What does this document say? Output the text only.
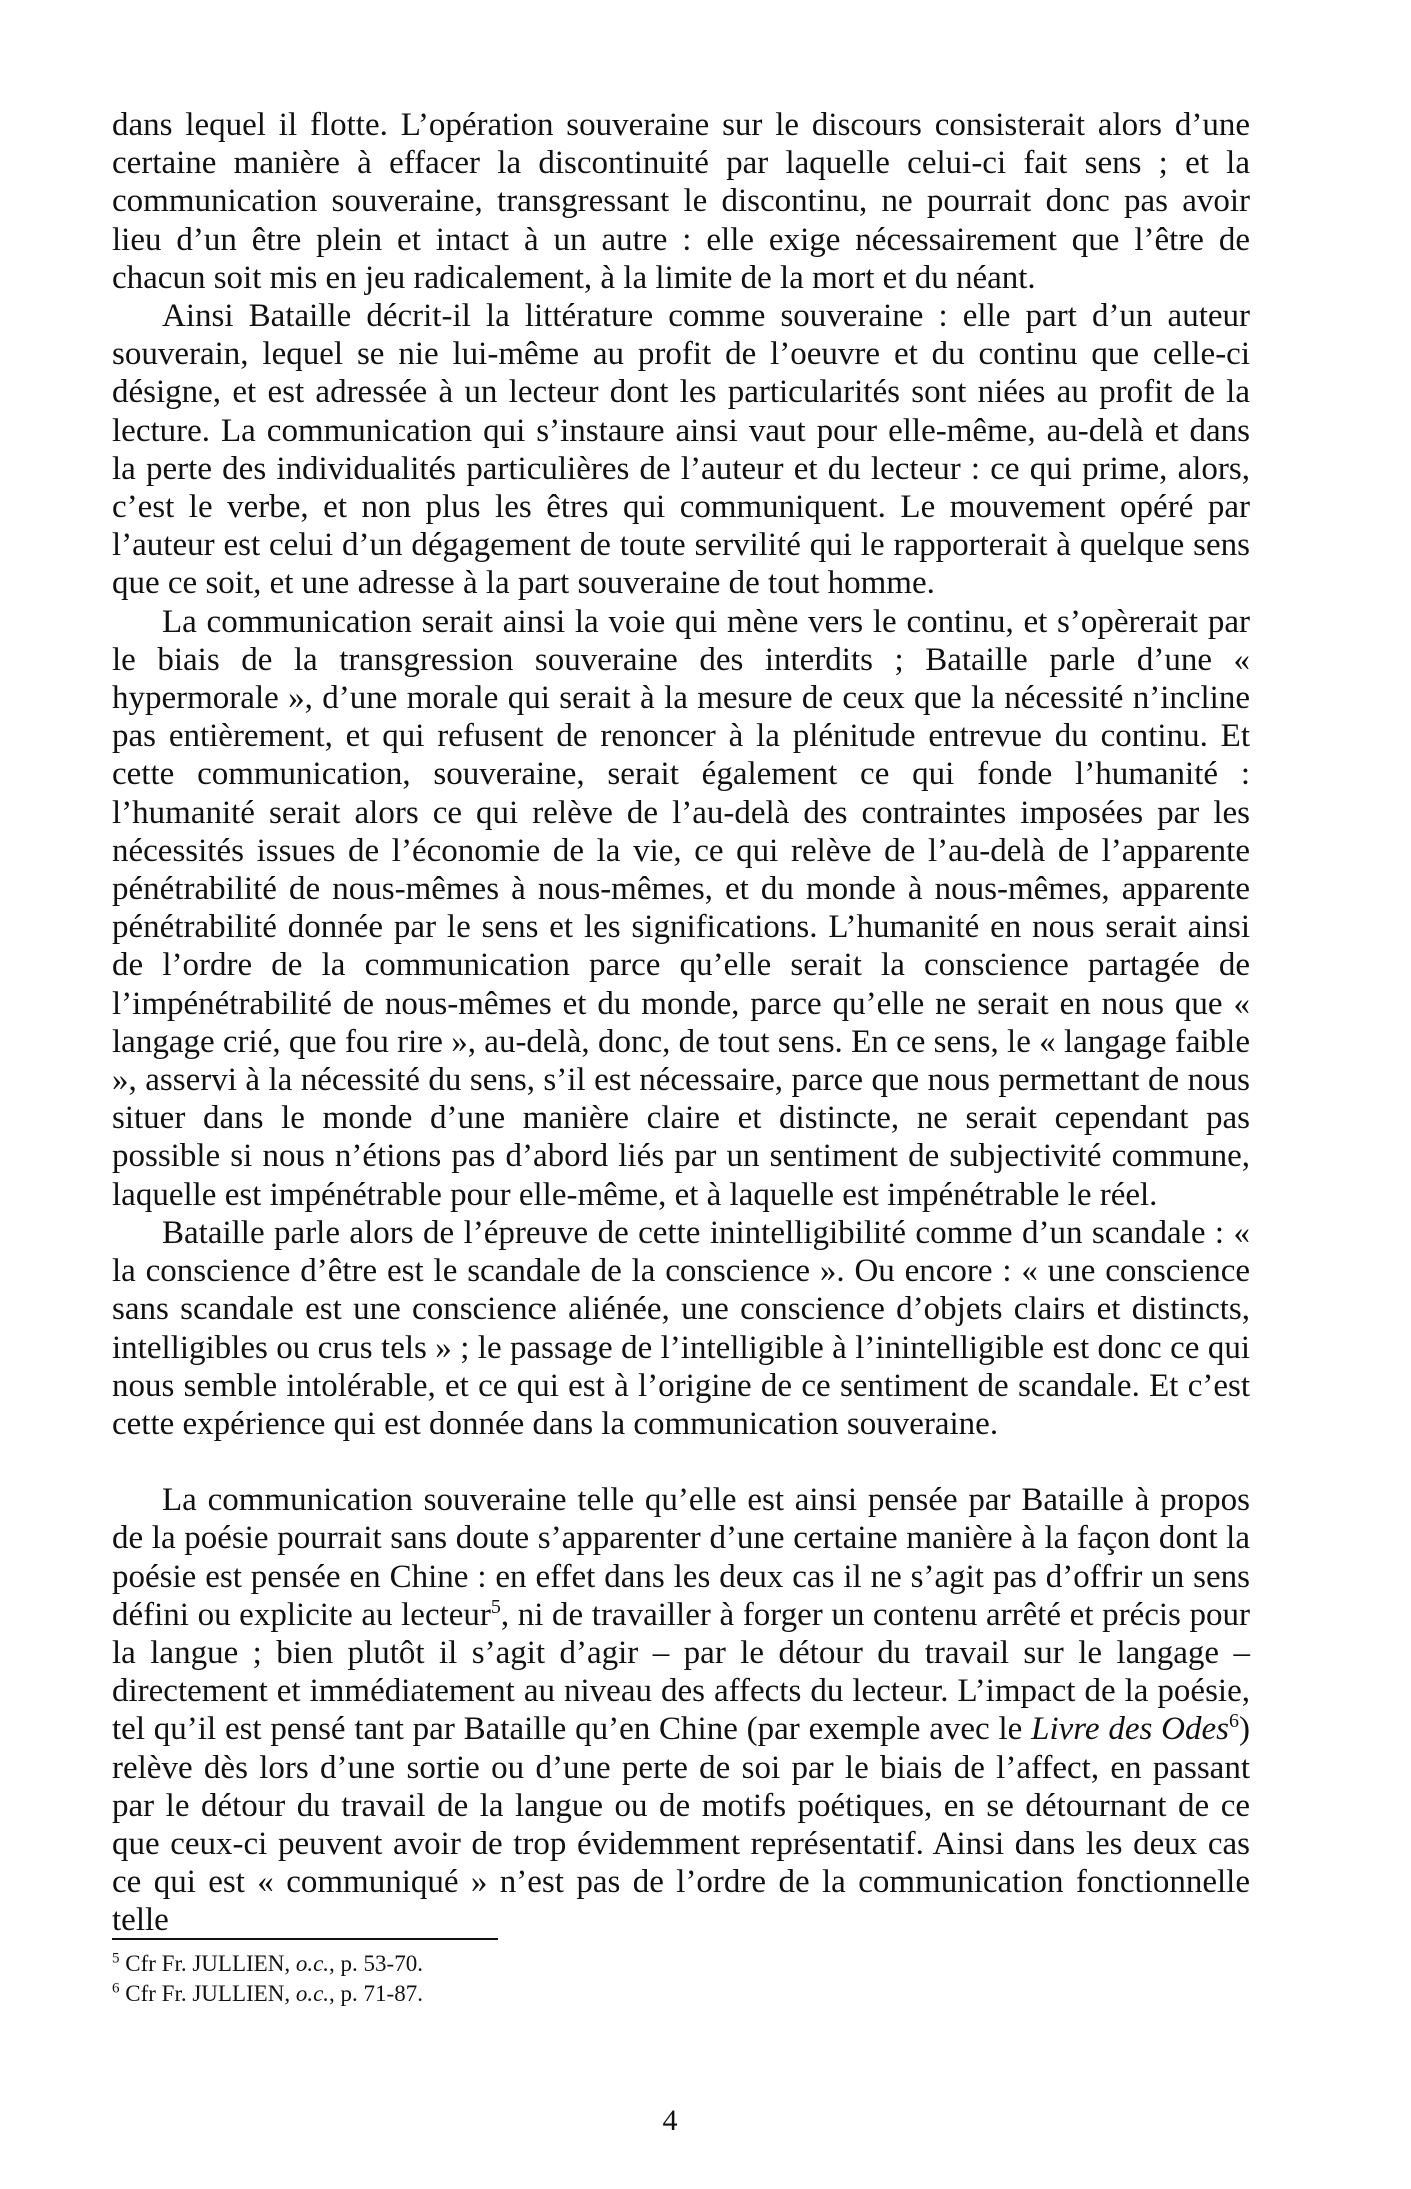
dans lequel il flotte. L’opération souveraine sur le discours consisterait alors d’une certaine manière à effacer la discontinuité par laquelle celui-ci fait sens ; et la communication souveraine, transgressant le discontinu, ne pourrait donc pas avoir lieu d’un être plein et intact à un autre : elle exige nécessairement que l’être de chacun soit mis en jeu radicalement, à la limite de la mort et du néant.

Ainsi Bataille décrit-il la littérature comme souveraine : elle part d’un auteur souverain, lequel se nie lui-même au profit de l’oeuvre et du continu que celle-ci désigne, et est adressée à un lecteur dont les particularités sont niées au profit de la lecture. La communication qui s’instaure ainsi vaut pour elle-même, au-delà et dans la perte des individualités particulières de l’auteur et du lecteur : ce qui prime, alors, c’est le verbe, et non plus les êtres qui communiquent. Le mouvement opéré par l’auteur est celui d’un dégagement de toute servilité qui le rapporterait à quelque sens que ce soit, et une adresse à la part souveraine de tout homme.

La communication serait ainsi la voie qui mène vers le continu, et s’opèrerait par le biais de la transgression souveraine des interdits ; Bataille parle d’une « hypermorale », d’une morale qui serait à la mesure de ceux que la nécessité n’incline pas entièrement, et qui refusent de renoncer à la plénitude entrevue du continu. Et cette communication, souveraine, serait également ce qui fonde l’humanité : l’humanité serait alors ce qui relève de l’au-delà des contraintes imposées par les nécessités issues de l’économie de la vie, ce qui relève de l’au-delà de l’apparente pénétrabilité de nous-mêmes à nous-mêmes, et du monde à nous-mêmes, apparente pénétrabilité donnée par le sens et les significations. L’humanité en nous serait ainsi de l’ordre de la communication parce qu’elle serait la conscience partagée de l’impénétrabilité de nous-mêmes et du monde, parce qu’elle ne serait en nous que « langage crié, que fou rire », au-delà, donc, de tout sens. En ce sens, le « langage faible », asservi à la nécessité du sens, s’il est nécessaire, parce que nous permettant de nous situer dans le monde d’une manière claire et distincte, ne serait cependant pas possible si nous n’étions pas d’abord liés par un sentiment de subjectivité commune, laquelle est impénétrable pour elle-même, et à laquelle est impénétrable le réel.

Bataille parle alors de l’épreuve de cette inintelligibilité comme d’un scandale : « la conscience d’être est le scandale de la conscience ». Ou encore : « une conscience sans scandale est une conscience aliénée, une conscience d’objets clairs et distincts, intelligibles ou crus tels » ; le passage de l’intelligible à l’inintelligible est donc ce qui nous semble intolérable, et ce qui est à l’origine de ce sentiment de scandale. Et c’est cette expérience qui est donnée dans la communication souveraine.

La communication souveraine telle qu’elle est ainsi pensée par Bataille à propos de la poésie pourrait sans doute s’apparenter d’une certaine manière à la façon dont la poésie est pensée en Chine : en effet dans les deux cas il ne s’agit pas d’offrir un sens défini ou explicite au lecteur$^5$, ni de travailler à forger un contenu arrêté et précis pour la langue ; bien plutôt il s’agit d’agir – par le détour du travail sur le langage – directement et immédiatement au niveau des affects du lecteur. L’impact de la poésie, tel qu’il est pensé tant par Bataille qu’en Chine (par exemple avec le Livre des Odes$^6$) relève dès lors d’une sortie ou d’une perte de soi par le biais de l’affect, en passant par le détour du travail de la langue ou de motifs poétiques, en se détournant de ce que ceux-ci peuvent avoir de trop évidemment représentatif. Ainsi dans les deux cas ce qui est « communiqué » n’est pas de l’ordre de la communication fonctionnelle telle

$^5$ Cfr Fr. JULLIEN, o.c., p. 53-70.
$^6$ Cfr Fr. JULLIEN, o.c., p. 71-87.
4
